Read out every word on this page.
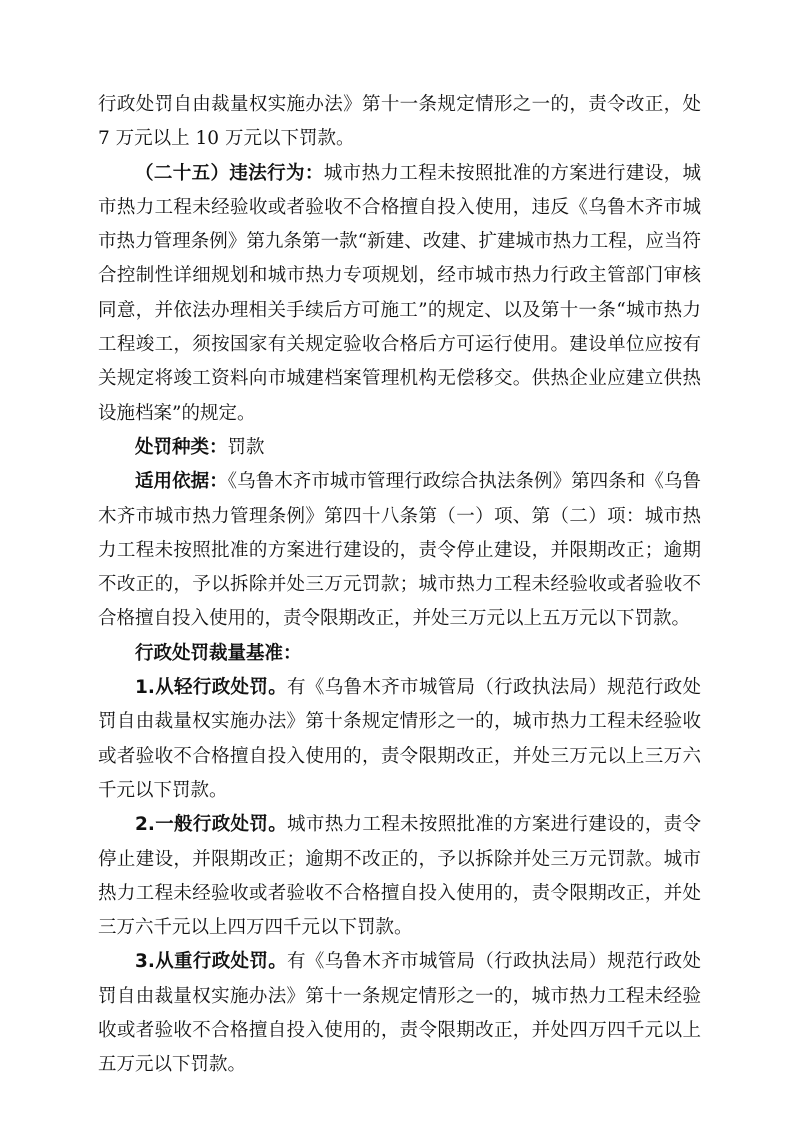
行政处罚自由裁量权实施办法》第十一条规定情形之一的，责令改正，处 7 万元以上 10 万元以下罚款。

（二十五）违法行为：城市热力工程未按照批准的方案进行建设，城市热力工程未经验收或者验收不合格擅自投入使用，违反《乌鲁木齐市城市热力管理条例》第九条第一款“新建、改建、扩建城市热力工程，应当符合控制性详细规划和城市热力专项规划，经市城市热力行政主管部门审核同意，并依法办理相关手续后方可施工”的规定、以及第十一条“城市热力工程竣工，须按国家有关规定验收合格后方可运行使用。建设单位应按有关规定将竣工资料向市城建档案管理机构无偿移交。供热企业应建立供热设施档案”的规定。

处罚种类：罚款

适用依据：《乌鲁木齐市城市管理行政综合执法条例》第四条和《乌鲁木齐市城市热力管理条例》第四十八条第（一）项、第（二）项：城市热力工程未按照批准的方案进行建设的，责令停止建设，并限期改正；逾期不改正的，予以拆除并处三万元罚款；城市热力工程未经验收或者验收不合格擅自投入使用的，责令限期改正，并处三万元以上五万元以下罚款。

行政处罚裁量基准：

1.从轻行政处罚。有《乌鲁木齐市城管局（行政执法局）规范行政处罚自由裁量权实施办法》第十条规定情形之一的，城市热力工程未经验收或者验收不合格擅自投入使用的，责令限期改正，并处三万元以上三万六千元以下罚款。

2.一般行政处罚。城市热力工程未按照批准的方案进行建设的，责令停止建设，并限期改正；逾期不改正的，予以拆除并处三万元罚款。城市热力工程未经验收或者验收不合格擅自投入使用的，责令限期改正，并处三万六千元以上四万四千元以下罚款。

3.从重行政处罚。有《乌鲁木齐市城管局（行政执法局）规范行政处罚自由裁量权实施办法》第十一条规定情形之一的，城市热力工程未经验收或者验收不合格擅自投入使用的，责令限期改正，并处四万四千元以上五万元以下罚款。
